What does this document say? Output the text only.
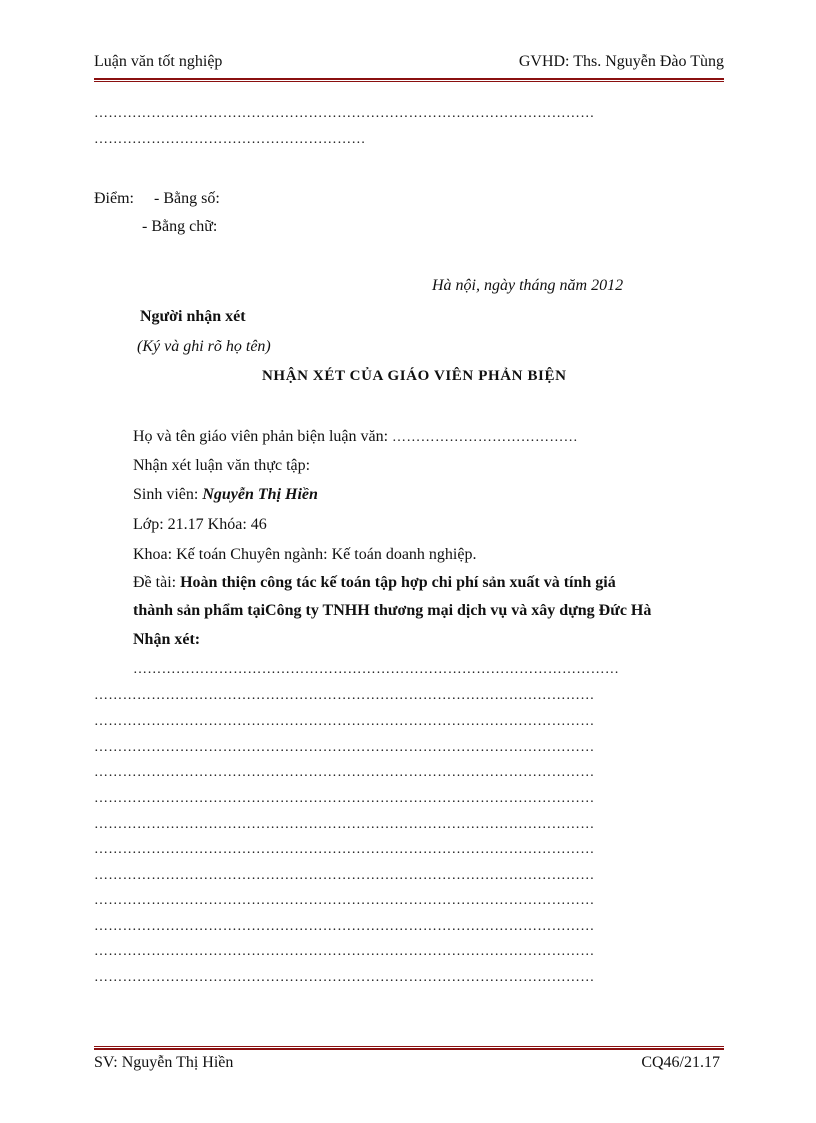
Luận văn tốt nghiệp	GVHD: Ths. Nguyễn Đào Tùng
……………………………………………………………………………………………
…………………………………………………
Điểm: - Bằng số:
- Bằng chữ:
Hà nội, ngày tháng năm 2012
Người nhận xét
(Ký và ghi rõ họ tên)
NHẬN XÉT CỦA GIÁO VIÊN PHẢN BIỆN
Họ và tên giáo viên phản biện luận văn: …………………………………
Nhận xét luận văn thực tập:
Sinh viên: Nguyễn Thị Hiền
Lớp: 21.17 Khóa: 46
Khoa: Kế toán Chuyên ngành: Kế toán doanh nghiệp.
Đề tài: Hoàn thiện công tác kế toán tập hợp chi phí sản xuất và tính giá
thành sản phẩm tạiCông ty TNHH thương mại dịch vụ và xây dựng Đức Hà
Nhận xét:
…………………………………………………………………………………………
……………………………………………………………………………………………
……………………………………………………………………………………………
……………………………………………………………………………………………
……………………………………………………………………………………………
……………………………………………………………………………………………
……………………………………………………………………………………………
……………………………………………………………………………………………
……………………………………………………………………………………………
……………………………………………………………………………………………
……………………………………………………………………………………………
……………………………………………………………………………………………
……………………………………………………………………………………………
SV: Nguyễn Thị Hiền	CQ46/21.17
